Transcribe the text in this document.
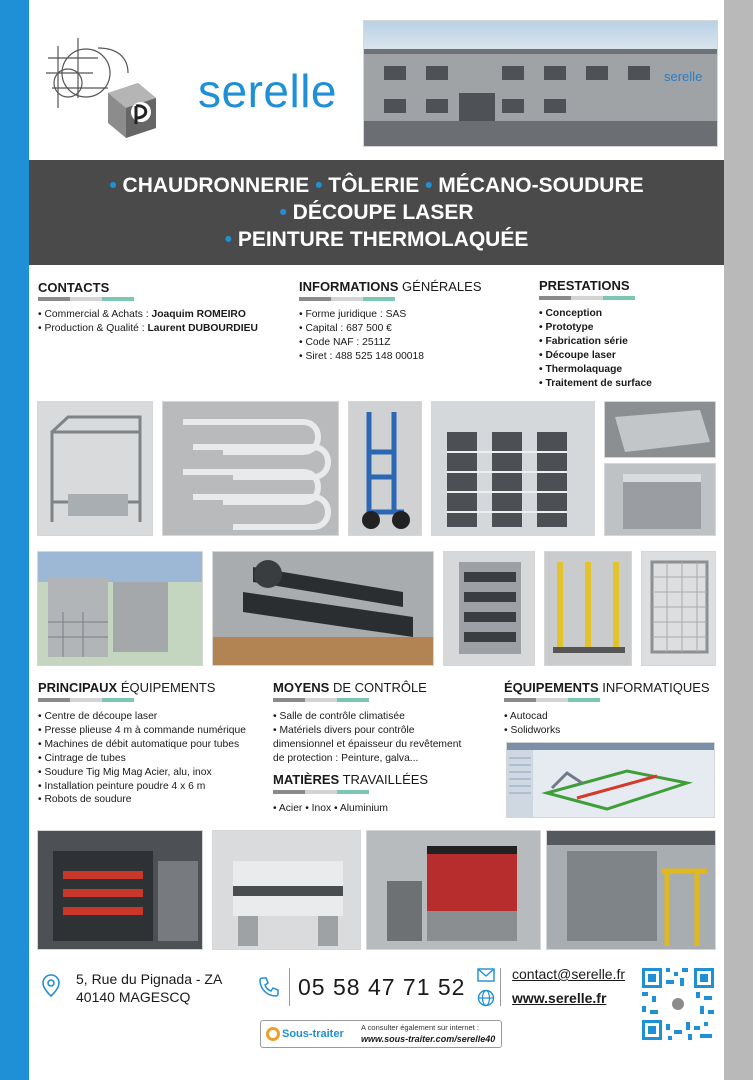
serelle	serelle
• CHAUDRONNERIE • TÔLERIE • MÉCANO-SOUDURE
• DÉCOUPE LASER
• PEINTURE THERMOLAQUÉE
CONTACTS
• Commercial & Achats : Joaquim ROMEIRO
• Production & Qualité : Laurent DUBOURDIEU
INFORMATIONS GÉNÉRALES
• Forme juridique : SAS
• Capital : 687 500 €
• Code NAF : 2511Z
• Siret : 488 525 148 00018
PRESTATIONS
• Conception
• Prototype
• Fabrication série
• Découpe laser
• Thermolaquage
• Traitement de surface
PRINCIPAUX ÉQUIPEMENTS
• Centre de découpe laser
• Presse plieuse 4 m à commande numérique
• Machines de débit automatique pour tubes
• Cintrage de tubes
• Soudure Tig Mig Mag Acier, alu, inox
• Installation peinture poudre 4 x 6 m
• Robots de soudure
MOYENS DE CONTRÔLE
• Salle de contrôle climatisée
• Matériels divers pour contrôle dimensionnel et épaisseur du revêtement de protection : Peinture, galva...
MATIÈRES TRAVAILLÉES
• Acier • Inox • Aluminium
ÉQUIPEMENTS INFORMATIQUES
• Autocad
• Solidworks
5, Rue du Pignada - ZA
40140 MAGESCQ	05 58 47 71 52	contact@serelle.fr
www.serelle.fr
Sous-traiter
A consulter également sur internet :
www.sous-traiter.com/serelle40
